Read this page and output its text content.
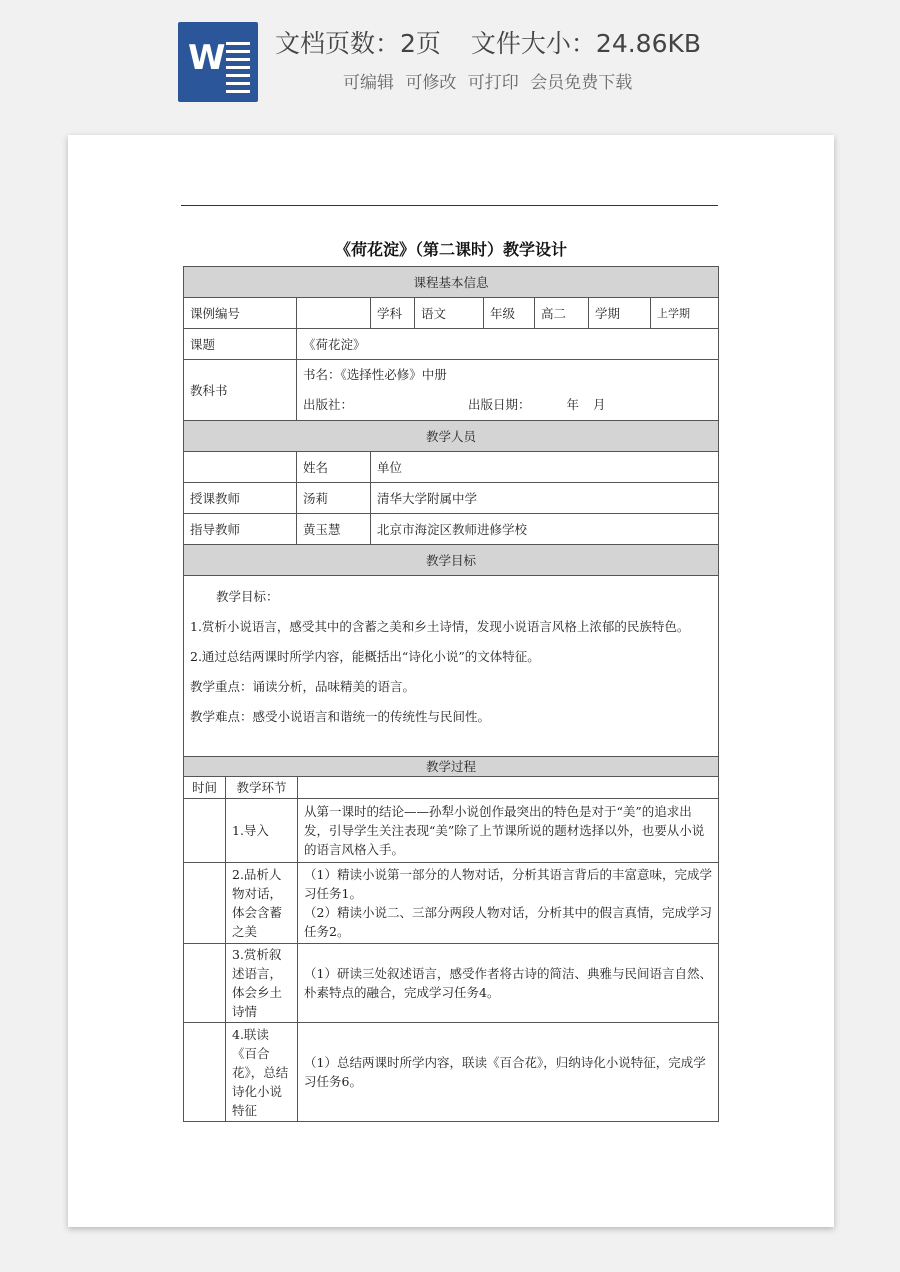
W 文档页数：2页 文件大小：24.86KB
可编辑 可修改 可打印 会员免费下载
《荷花淀》（第二课时）教学设计
课程基本信息							
课例编号		学科	语文	年级	高二	学期	上学期
课题	《荷花淀》						
教科书	书名：《选择性必修》中册
出版社： 出版日期： 年 月						

教学人员							
	姓名	单位					
授课教师	汤莉	清华大学附属中学					
指导教师	黄玉慧	北京市海淀区教师进修学校					
教学目标							

教学目标：

1.赏析小说语言，感受其中的含蓄之美和乡土诗情，发现小说语言风格上浓郁的民族特色。

2.通过总结两课时所学内容，能概括出“诗化小说”的文体特征。

教学重点：诵读分析，品味精美的语言。

教学难点：感受小说语言和谐统一的传统性与民间性。							

教学过程		
时间	教学环节	
	1.导入	从第一课时的结论——孙犁小说创作最突出的特色是对于“美”的追求出发，引导学生关注表现“美”除了上节课所说的题材选择以外，也要从小说的语言风格入手。
	2.品析人物对话，体会含蓄之美	（1）精读小说第一部分的人物对话，分析其语言背后的丰富意味，完成学习任务1。
（2）精读小说二、三部分两段人物对话，分析其中的假言真情，完成学习任务2。

	3.赏析叙述语言，体会乡土诗情	（1）研读三处叙述语言，感受作者将古诗的简洁、典雅与民间语言自然、朴素特点的融合，完成学习任务4。
	4.联读《百合花》，总结诗化小说特征	（1）总结两课时所学内容，联读《百合花》，归纳诗化小说特征，完成学习任务6。
